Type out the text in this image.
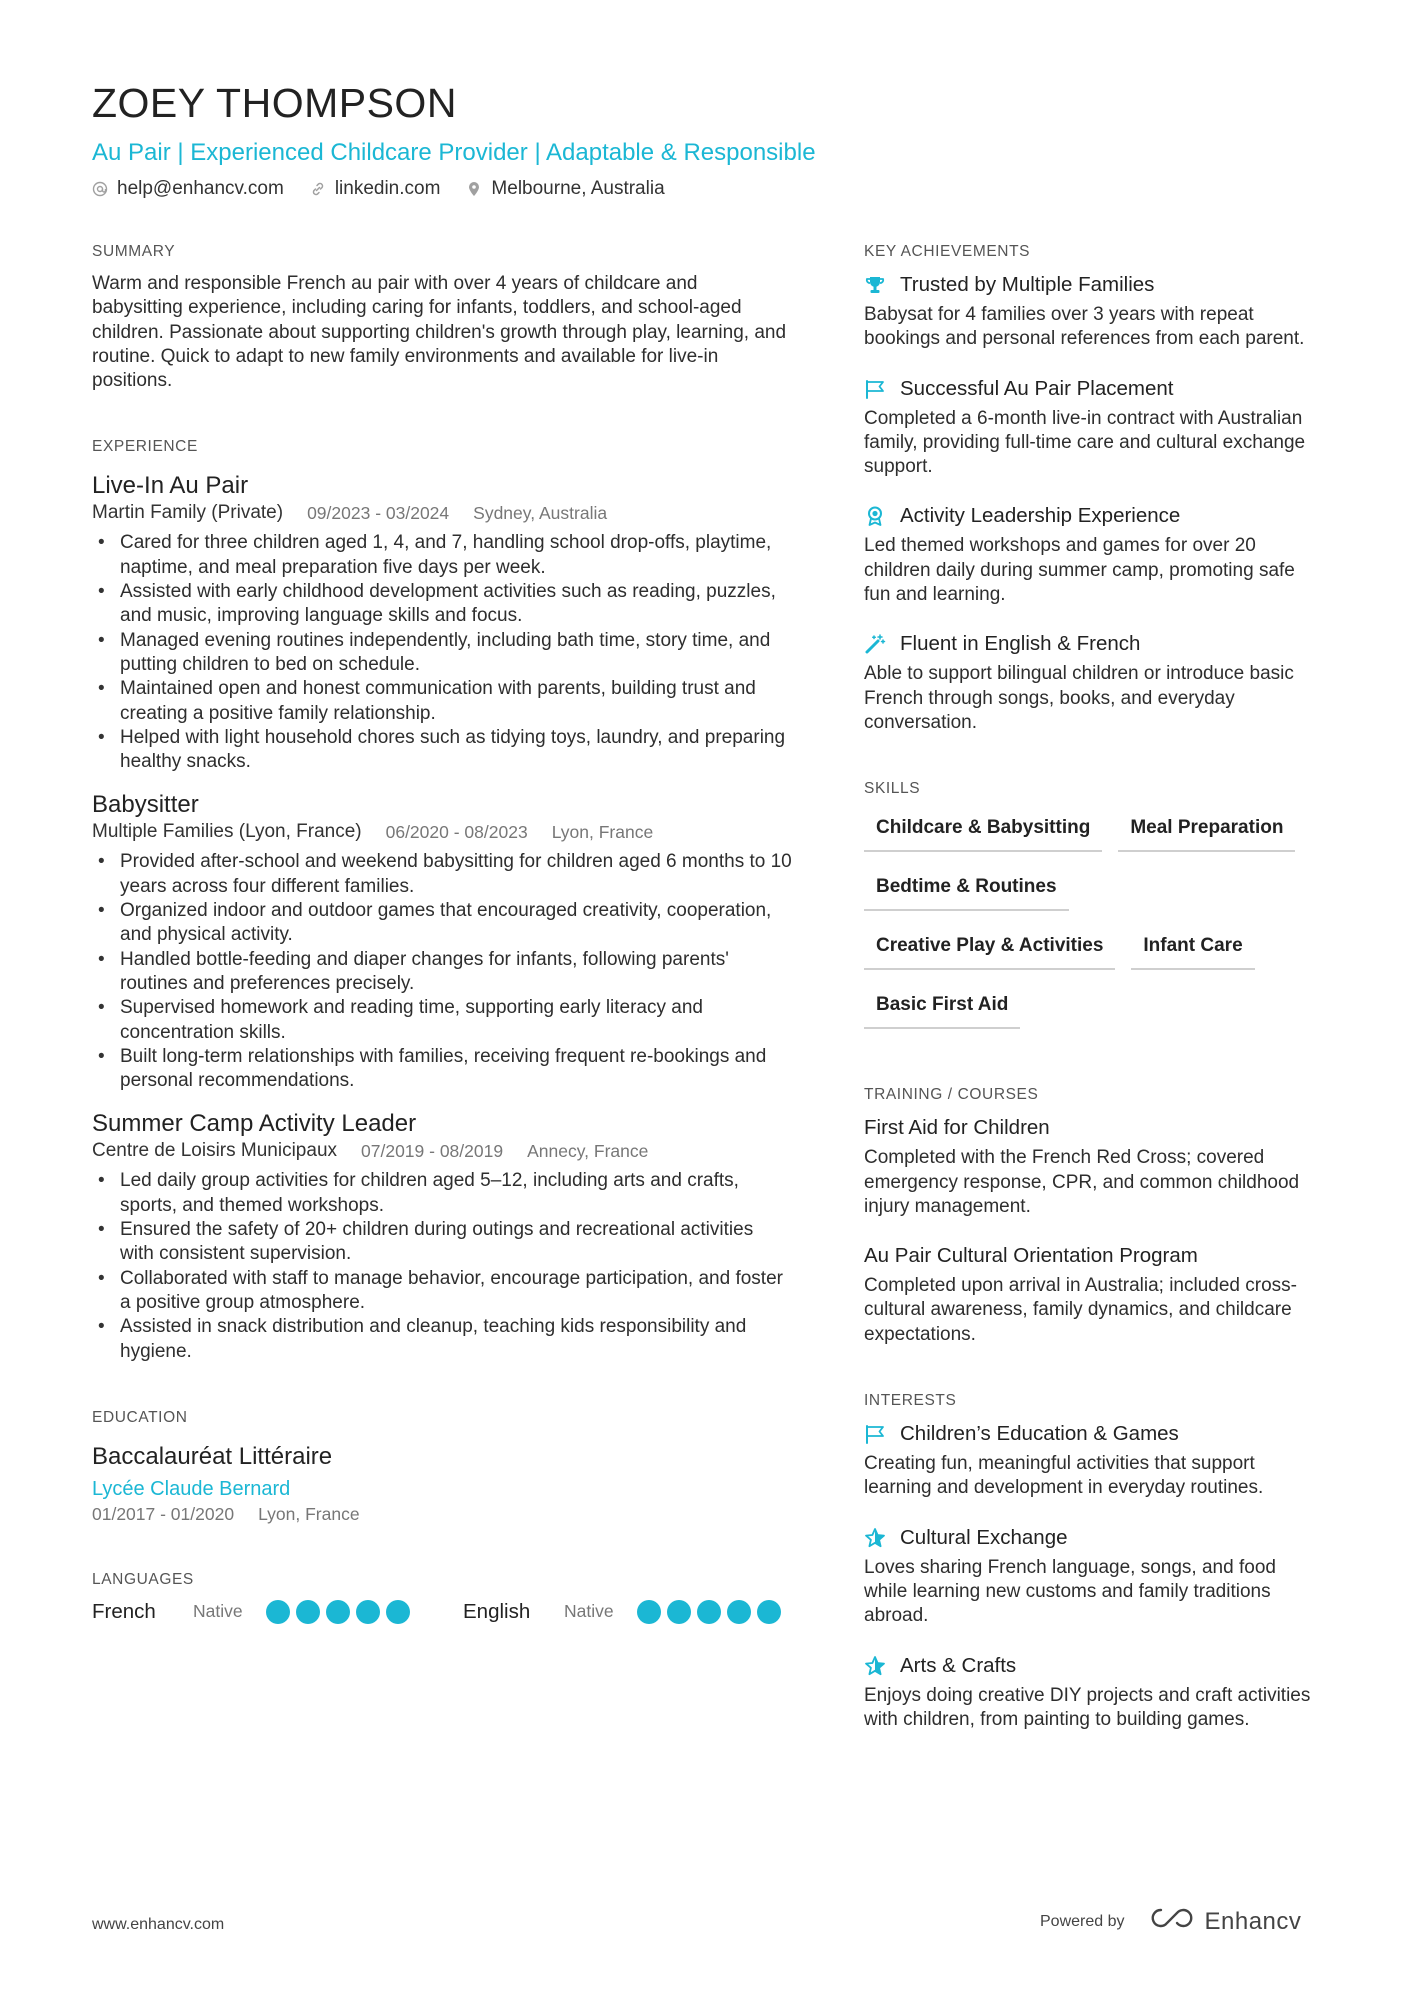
ZOEY THOMPSON
Au Pair | Experienced Childcare Provider | Adaptable & Responsible
help@enhancv.com	linkedin.com	Melbourne, Australia
SUMMARY
Warm and responsible French au pair with over 4 years of childcare and babysitting experience, including caring for infants, toddlers, and school-aged children. Passionate about supporting children's growth through play, learning, and routine. Quick to adapt to new family environments and available for live-in positions.
EXPERIENCE
Live-In Au Pair
Martin Family (Private) 09/2023 - 03/2024 Sydney, Australia
• Cared for three children aged 1, 4, and 7, handling school drop-offs, playtime, naptime, and meal preparation five days per week.
• Assisted with early childhood development activities such as reading, puzzles, and music, improving language skills and focus.
• Managed evening routines independently, including bath time, story time, and putting children to bed on schedule.
• Maintained open and honest communication with parents, building trust and creating a positive family relationship.
• Helped with light household chores such as tidying toys, laundry, and preparing healthy snacks.
Babysitter
Multiple Families (Lyon, France) 06/2020 - 08/2023 Lyon, France
• Provided after-school and weekend babysitting for children aged 6 months to 10 years across four different families.
• Organized indoor and outdoor games that encouraged creativity, cooperation, and physical activity.
• Handled bottle-feeding and diaper changes for infants, following parents' routines and preferences precisely.
• Supervised homework and reading time, supporting early literacy and concentration skills.
• Built long-term relationships with families, receiving frequent re-bookings and personal recommendations.
Summer Camp Activity Leader
Centre de Loisirs Municipaux 07/2019 - 08/2019 Annecy, France
• Led daily group activities for children aged 5–12, including arts and crafts, sports, and themed workshops.
• Ensured the safety of 20+ children during outings and recreational activities with consistent supervision.
• Collaborated with staff to manage behavior, encourage participation, and foster a positive group atmosphere.
• Assisted in snack distribution and cleanup, teaching kids responsibility and hygiene.
EDUCATION
Baccalauréat Littéraire
Lycée Claude Bernard
01/2017 - 01/2020 Lyon, France
LANGUAGES
French	Native	English	Native
KEY ACHIEVEMENTS
Trusted by Multiple Families
Babysat for 4 families over 3 years with repeat bookings and personal references from each parent.
Successful Au Pair Placement
Completed a 6-month live-in contract with Australian family, providing full-time care and cultural exchange support.
Activity Leadership Experience
Led themed workshops and games for over 20 children daily during summer camp, promoting safe fun and learning.
Fluent in English & French
Able to support bilingual children or introduce basic French through songs, books, and everyday conversation.
SKILLS
Childcare & Babysitting	Meal Preparation
Bedtime & Routines
Creative Play & Activities	Infant Care
Basic First Aid
TRAINING / COURSES
First Aid for Children
Completed with the French Red Cross; covered emergency response, CPR, and common childhood injury management.
Au Pair Cultural Orientation Program
Completed upon arrival in Australia; included cross-cultural awareness, family dynamics, and childcare expectations.
INTERESTS
Children’s Education & Games
Creating fun, meaningful activities that support learning and development in everyday routines.
Cultural Exchange
Loves sharing French language, songs, and food while learning new customs and family traditions abroad.
Arts & Crafts
Enjoys doing creative DIY projects and craft activities with children, from painting to building games.
www.enhancv.com	Powered by	Enhancv
